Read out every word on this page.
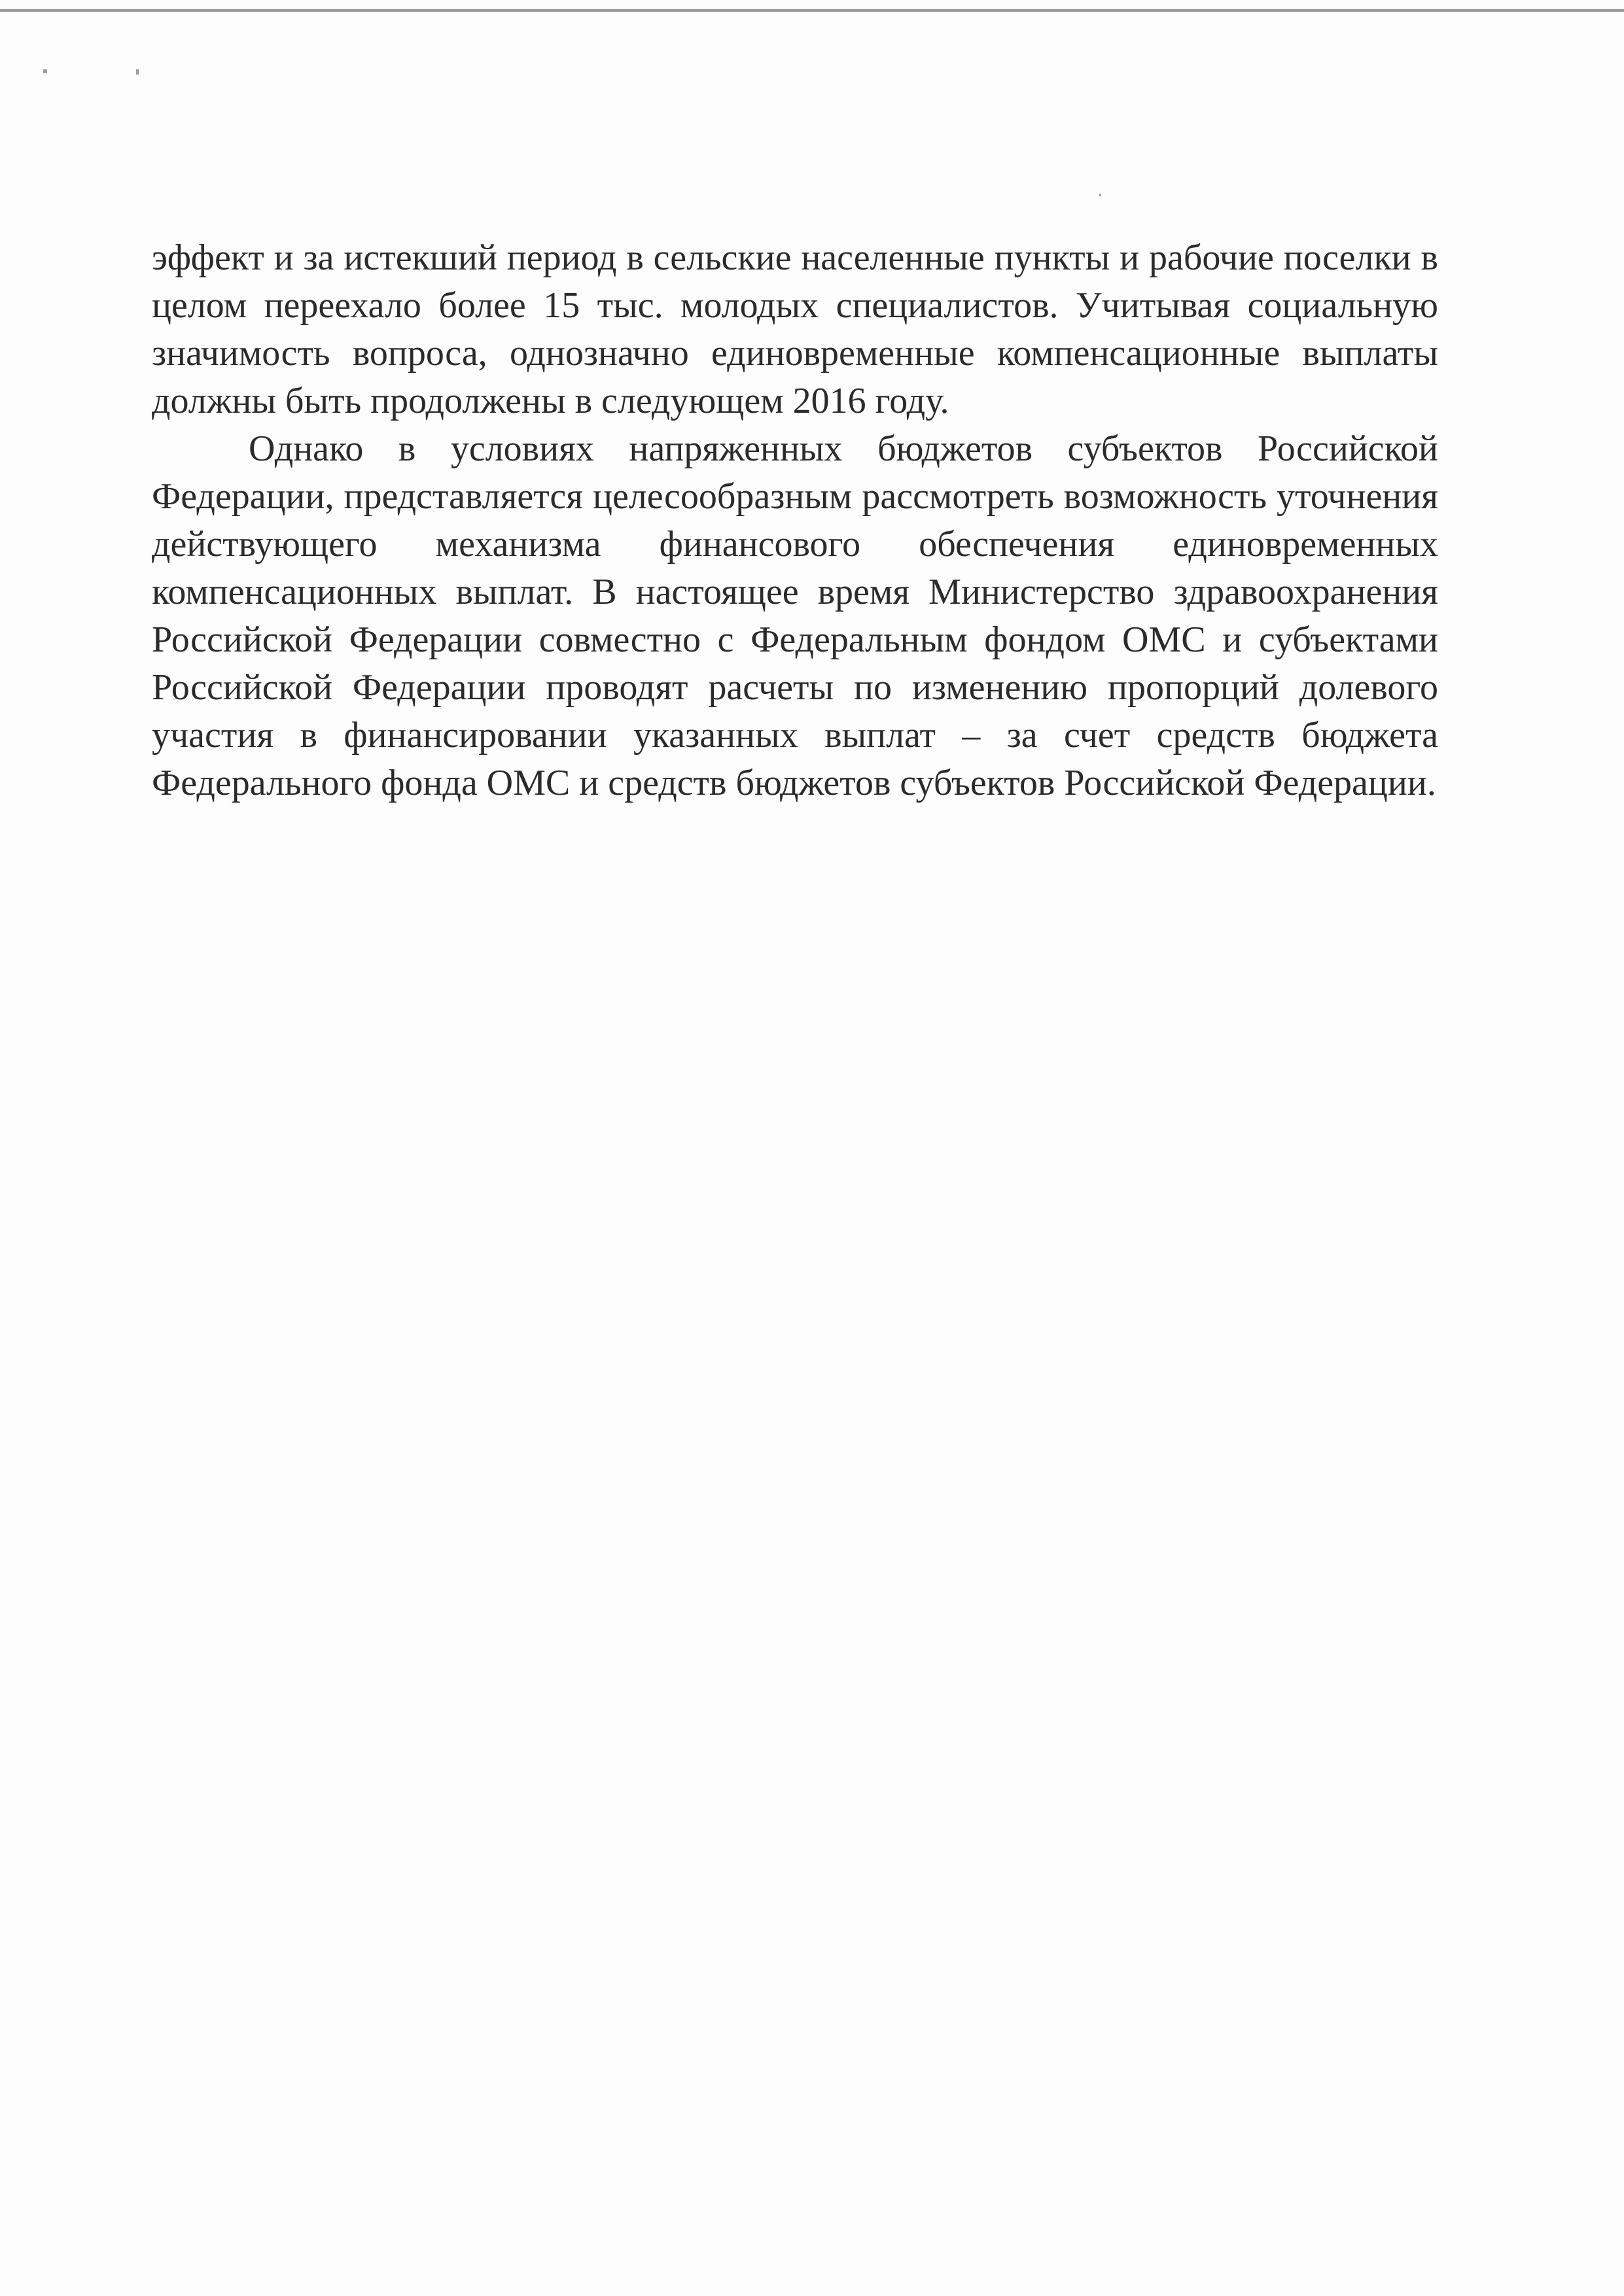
эффект и за истекший период в сельские населенные пункты и рабочие поселки в целом переехало более 15 тыс. молодых специалистов. Учитывая социальную значимость вопроса, однозначно единовременные компенсационные выплаты должны быть продолжены в следующем 2016 году.

Однако в условиях напряженных бюджетов субъектов Российской Федерации, представляется целесообразным рассмотреть возможность уточнения действующего механизма финансового обеспечения единовременных компенсационных выплат. В настоящее время Министерство здравоохранения Российской Федерации совместно с Федеральным фондом ОМС и субъектами Российской Федерации проводят расчеты по изменению пропорций долевого участия в финансировании указанных выплат – за счет средств бюджета Федерального фонда ОМС и средств бюджетов субъектов Российской Федерации.
